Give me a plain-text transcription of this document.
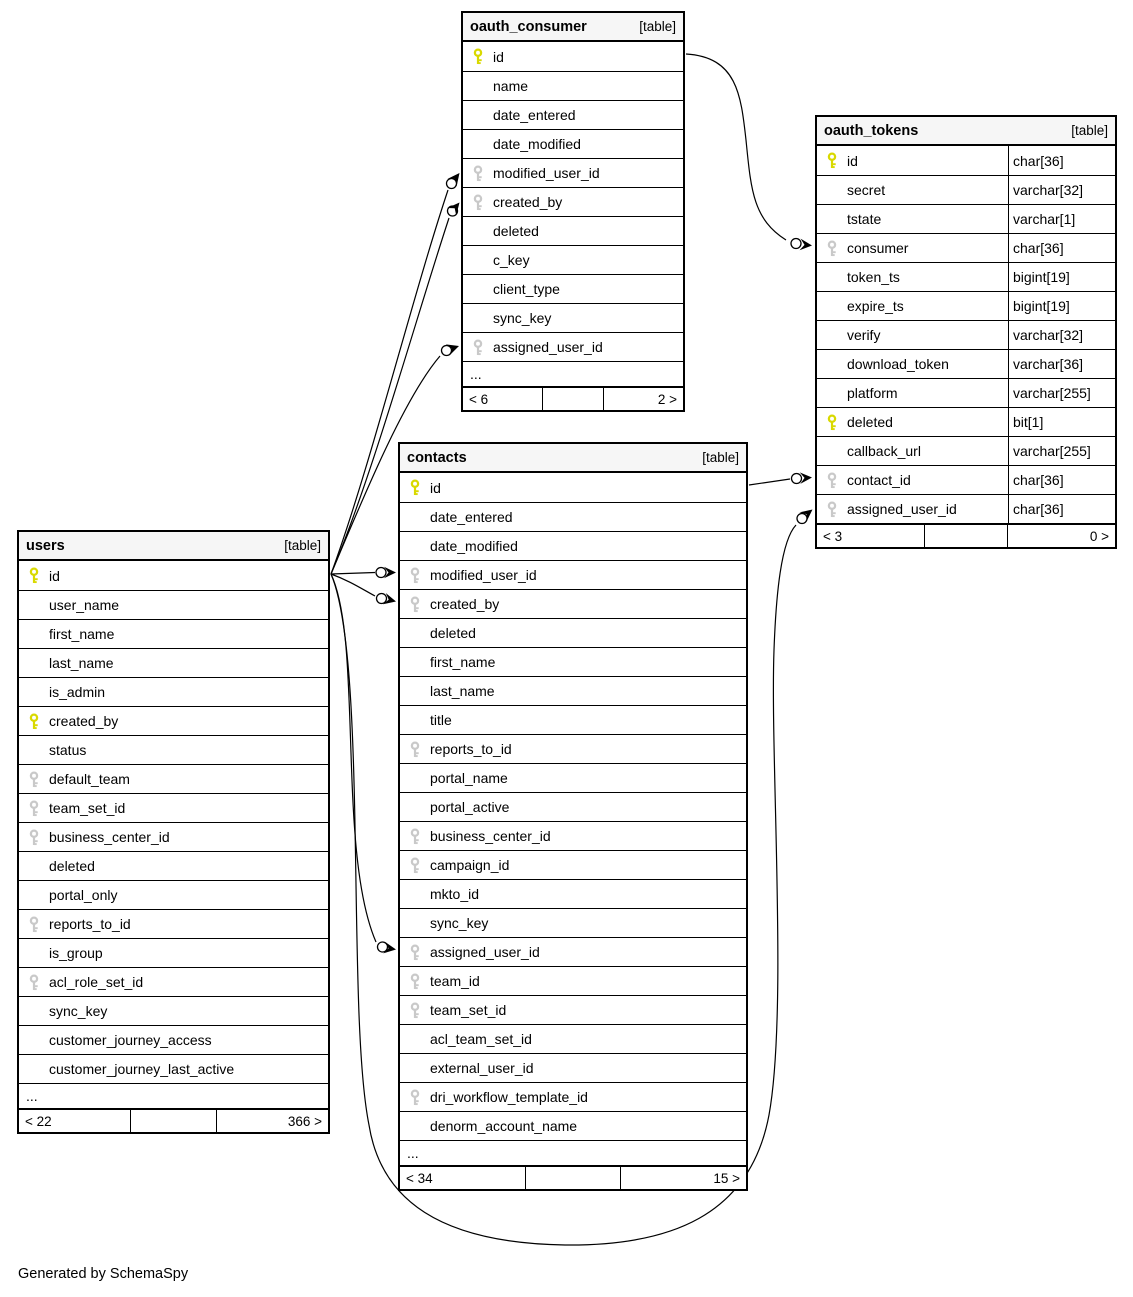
oauth_consumer	[table]
id
name
date_entered
date_modified
modified_user_id
created_by
deleted
c_key
client_type
sync_key
assigned_user_id
...
< 6	2 >
oauth_tokens	[table]
id	char[36]
secret	varchar[32]
tstate	varchar[1]
consumer	char[36]
token_ts	bigint[19]
expire_ts	bigint[19]
verify	varchar[32]
download_token	varchar[36]
platform	varchar[255]
deleted	bit[1]
callback_url	varchar[255]
contact_id	char[36]
assigned_user_id	char[36]
< 3	0 >
users	[table]
id
user_name
first_name
last_name
is_admin
created_by
status
default_team
team_set_id
business_center_id
deleted
portal_only
reports_to_id
is_group
acl_role_set_id
sync_key
customer_journey_access
customer_journey_last_active
...
< 22	366 >
contacts	[table]
id
date_entered
date_modified
modified_user_id
created_by
deleted
first_name
last_name
title
reports_to_id
portal_name
portal_active
business_center_id
campaign_id
mkto_id
sync_key
assigned_user_id
team_id
team_set_id
acl_team_set_id
external_user_id
dri_workflow_template_id
denorm_account_name
...
< 34	15 >
Generated by SchemaSpy
